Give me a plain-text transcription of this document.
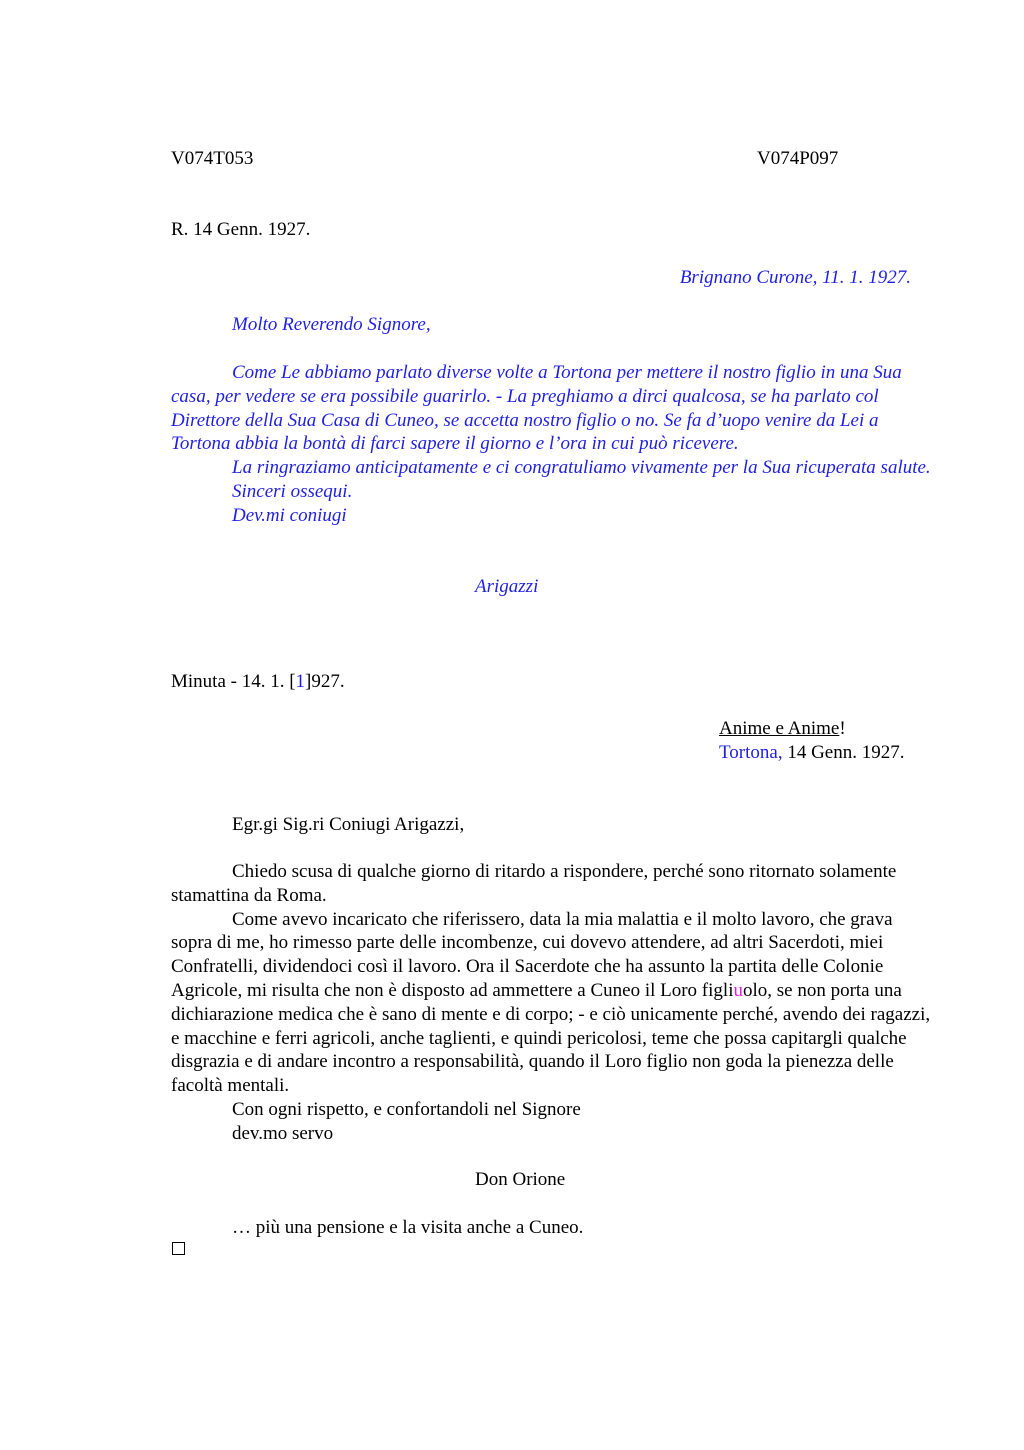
V074T053	V074P097
R. 14 Genn. 1927.
Brignano Curone, 11. 1. 1927.
Molto Reverendo Signore,

Come Le abbiamo parlato diverse volte a Tortona per mettere il nostro figlio in una Sua casa, per vedere se era possibile guarirlo. - La preghiamo a dirci qualcosa, se ha parlato col Direttore della Sua Casa di Cuneo, se accetta nostro figlio o no. Se fa d’uopo venire da Lei a Tortona abbia la bontà di farci sapere il giorno e l’ora in cui può ricevere.

La ringraziamo anticipatamente e ci congratuliamo vivamente per la Sua ricuperata salute.

Sinceri ossequi.

Dev.mi coniugi

Arigazzi
Minuta - 14. 1. [1]927.
Anime e Anime!
Tortona, 14 Genn. 1927.
Egr.gi Sig.ri Coniugi Arigazzi,

Chiedo scusa di qualche giorno di ritardo a rispondere, perché sono ritornato solamente stamattina da Roma.

Come avevo incaricato che riferissero, data la mia malattia e il molto lavoro, che grava sopra di me, ho rimesso parte delle incombenze, cui dovevo attendere, ad altri Sacerdoti, miei Confratelli, dividendoci così il lavoro. Ora il Sacerdote che ha assunto la partita delle Colonie Agricole, mi risulta che non è disposto ad ammettere a Cuneo il Loro figliuolo, se non porta una dichiarazione medica che è sano di mente e di corpo; - e ciò unicamente perché, avendo dei ragazzi, e macchine e ferri agricoli, anche taglienti, e quindi pericolosi, teme che possa capitargli qualche disgrazia e di andare incontro a responsabilità, quando il Loro figlio non goda la pienezza delle facoltà mentali.

Con ogni rispetto, e confortandoli nel Signore

dev.mo servo

Don Orione
… più una pensione e la visita anche a Cuneo.
